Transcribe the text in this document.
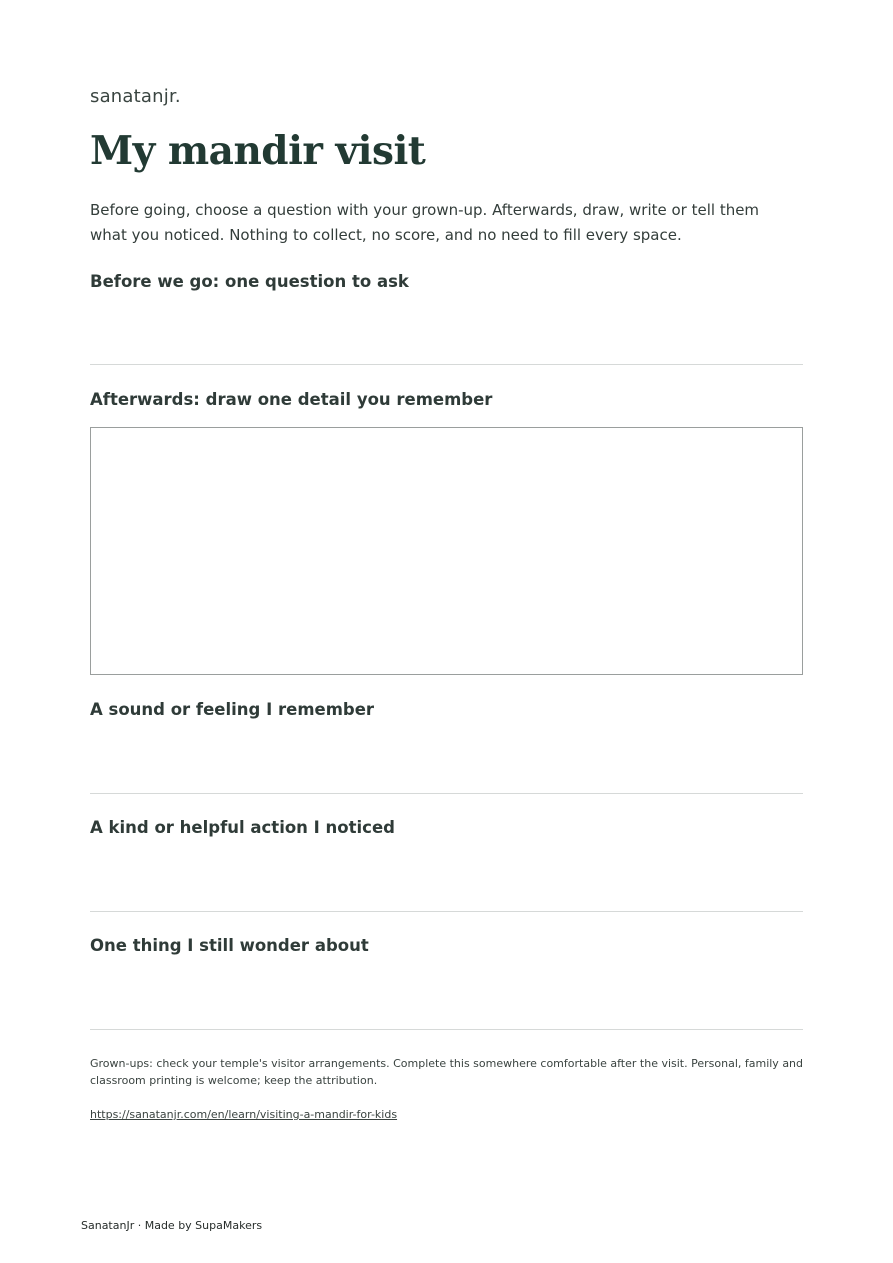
sanatanjr.
My mandir visit

Before going, choose a question with your grown-up. Afterwards, draw, write or tell them what you noticed. Nothing to collect, no score, and no need to fill every space.

Before we go: one question to ask
Afterwards: draw one detail you remember
A sound or feeling I remember
A kind or helpful action I noticed
One thing I still wonder about

Grown-ups: check your temple's visitor arrangements. Complete this somewhere comfortable after the visit. Personal, family and classroom printing is welcome; keep the attribution.

https://sanatanjr.com/en/learn/visiting-a-mandir-for-kids
SanatanJr · Made by SupaMakers
